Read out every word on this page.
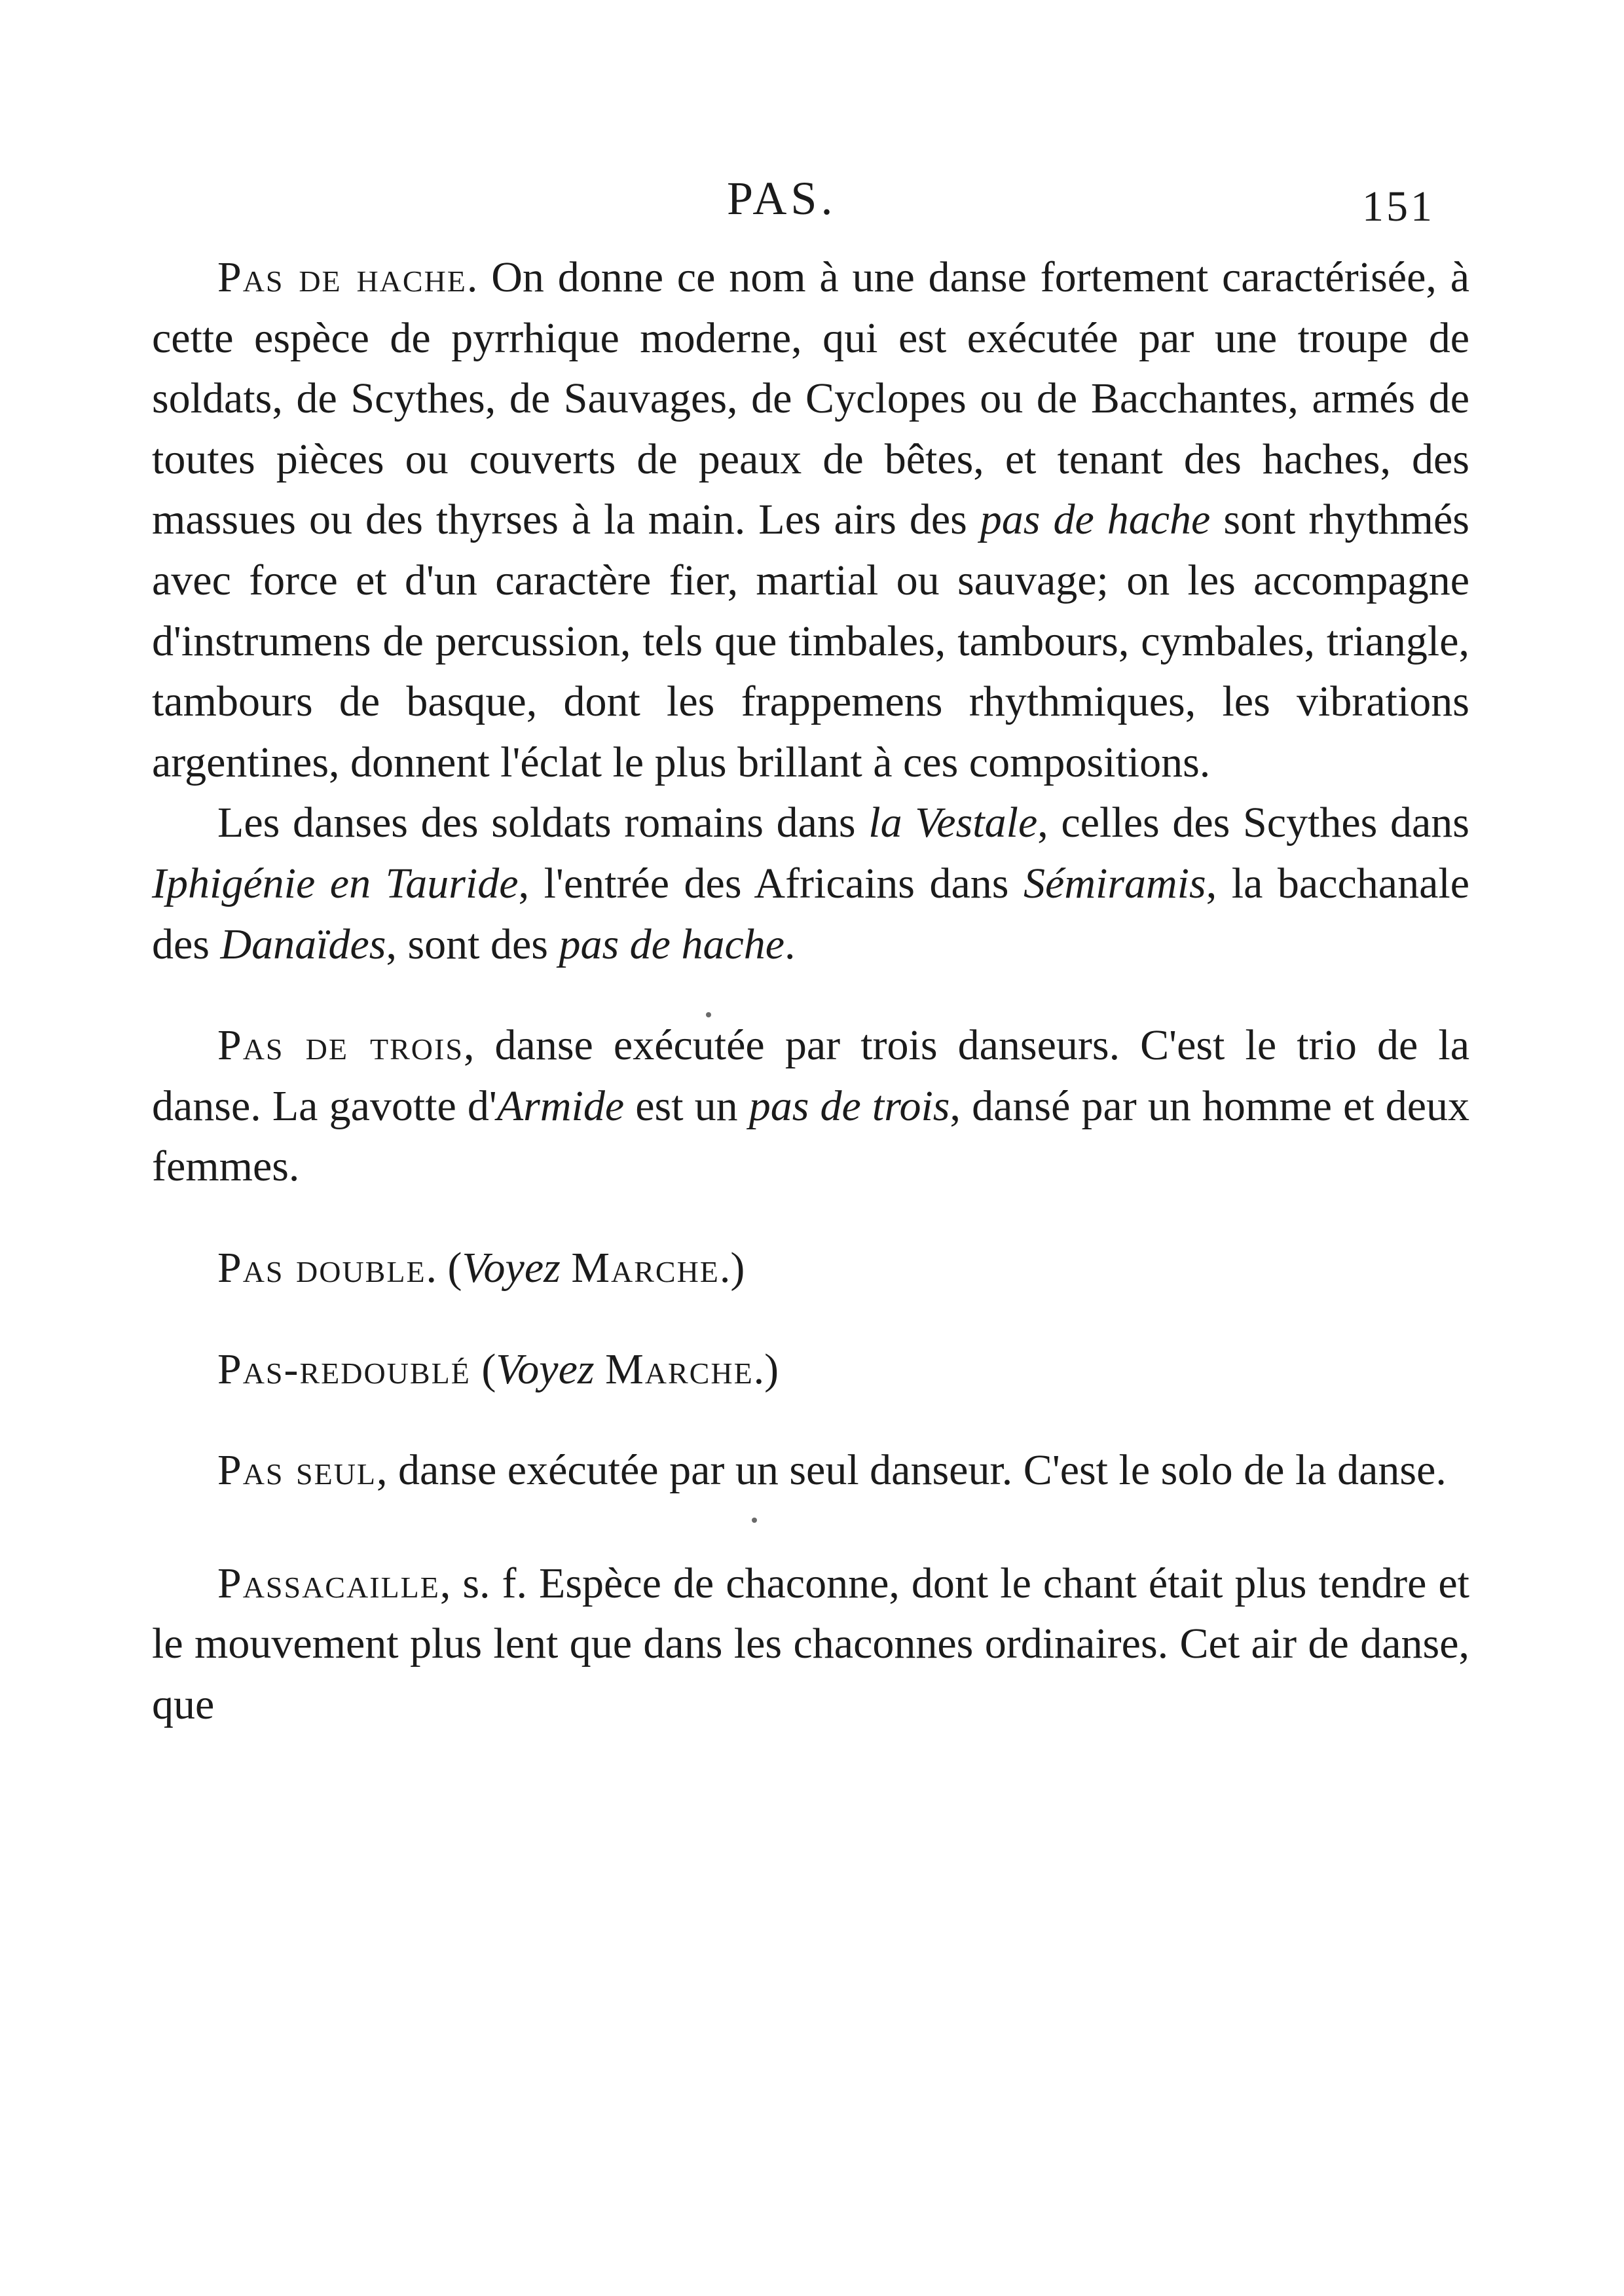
PAS.	151

Pas de hache. On donne ce nom à une danse fortement caractérisée, à cette espèce de pyrrhique moderne, qui est exécutée par une troupe de soldats, de Scythes, de Sauvages, de Cyclopes ou de Bacchantes, armés de toutes pièces ou couverts de peaux de bêtes, et tenant des haches, des massues ou des thyrses à la main. Les airs des pas de hache sont rhythmés avec force et d'un caractère fier, martial ou sauvage; on les accompagne d'instrumens de percussion, tels que timbales, tambours, cymbales, triangle, tambours de basque, dont les frappemens rhythmiques, les vibrations argentines, donnent l'éclat le plus brillant à ces compositions.

Les danses des soldats romains dans la Vestale, celles des Scythes dans Iphigénie en Tauride, l'entrée des Africains dans Sémiramis, la bacchanale des Danaïdes, sont des pas de hache.

Pas de trois, danse exécutée par trois danseurs. C'est le trio de la danse. La gavotte d'Armide est un pas de trois, dansé par un homme et deux femmes.

Pas double. (Voyez Marche.)

Pas-redoublé (Voyez Marche.)

Pas seul, danse exécutée par un seul danseur. C'est le solo de la danse.

Passacaille, s. f. Espèce de chaconne, dont le chant était plus tendre et le mouvement plus lent que dans les chaconnes ordinaires. Cet air de danse, que
